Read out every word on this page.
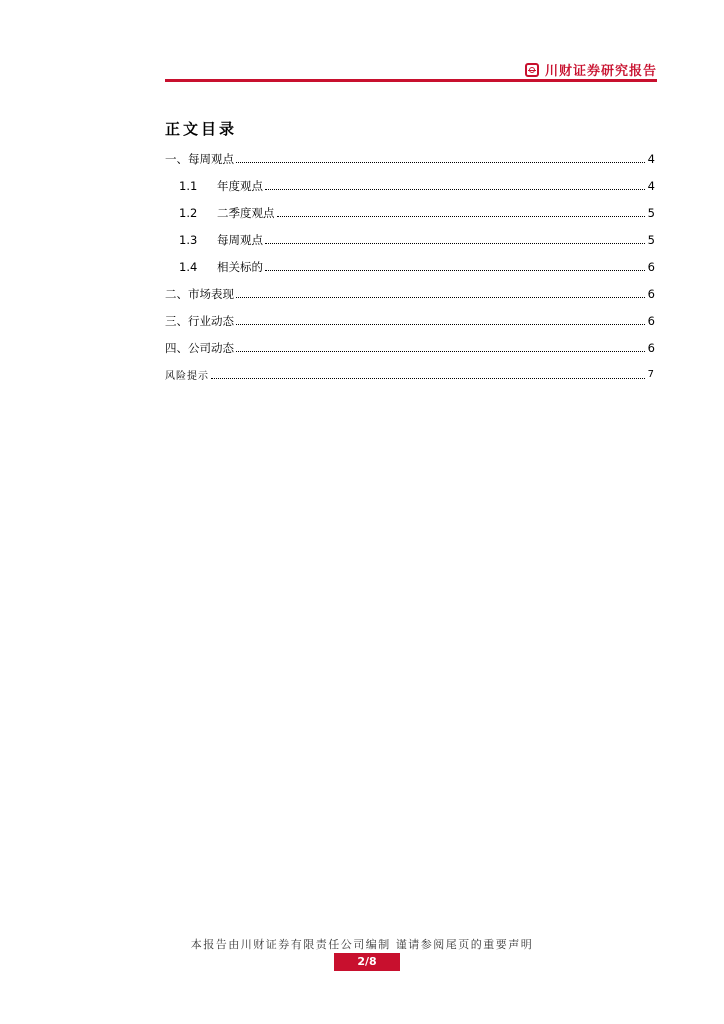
川财证券研究报告
正文目录
一、每周观点	4
1.1	年度观点	4
1.2	二季度观点	5
1.3	每周观点	5
1.4	相关标的	6
二、市场表现	6
三、行业动态	6
四、公司动态	6
风险提示	7
本报告由川财证券有限责任公司编制 谨请参阅尾页的重要声明
2/8
